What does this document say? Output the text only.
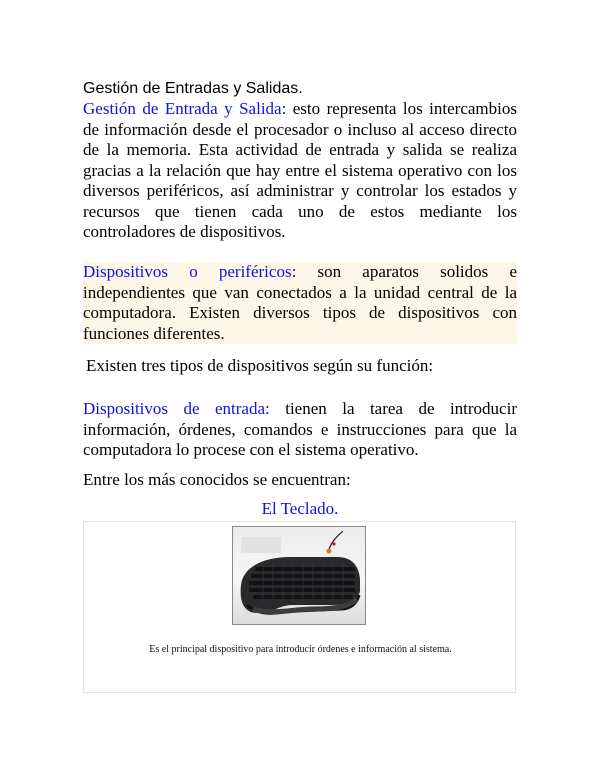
Gestión de Entradas y Salidas.
Gestión de Entrada y Salida: esto representa los intercambios de información desde el procesador o incluso al acceso directo de la memoria. Esta actividad de entrada y salida se realiza gracias a la relación que hay entre el sistema operativo con los diversos periféricos, así administrar y controlar los estados y recursos que tienen cada uno de estos mediante los controladores de dispositivos.
Dispositivos o periféricos: son aparatos solidos e independientes que van conectados a la unidad central de la computadora. Existen diversos tipos de dispositivos con funciones diferentes.
Existen tres tipos de dispositivos según su función:
Dispositivos de entrada: tienen la tarea de introducir información, órdenes, comandos e instrucciones para que la computadora lo procese con el sistema operativo.
Entre los más conocidos se encuentran:
El Teclado.
Es el principal dispositivo para introducir órdenes e información al sistema.
